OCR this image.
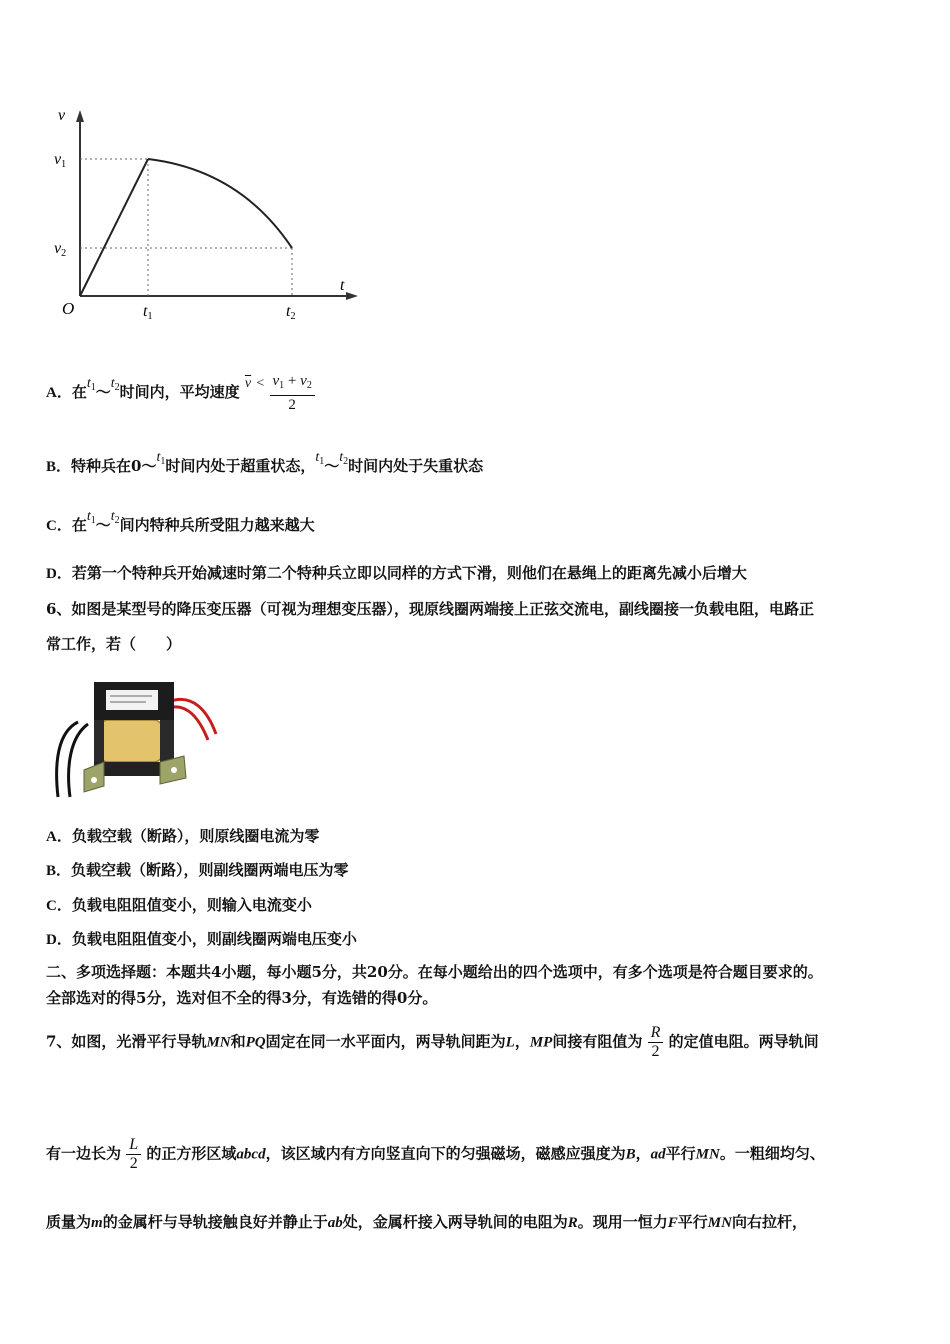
v
t
O
v1
v2
t1	t2
A．在$t_1\sim t_2$时间内，平均速度 $\overline{v} < \frac{v_1 + v_2}{2}$
B．特种兵在$0\sim t_1$时间内处于超重状态，$t_1\sim t_2$时间内处于失重状态
C．在$t_1\sim t_2$间内特种兵所受阻力越来越大
D．若第一个特种兵开始减速时第二个特种兵立即以同样的方式下滑，则他们在悬绳上的距离先减小后增大
6、如图是某型号的降压变压器（可视为理想变压器），现原线圈两端接上正弦交流电，副线圈接一负载电阻，电路正
常工作，若（　　）
A．负载空载（断路），则原线圈电流为零
B．负载空载（断路），则副线圈两端电压为零
C．负载电阻阻值变小，则输入电流变小
D．负载电阻阻值变小，则副线圈两端电压变小
二、多项选择题：本题共4小题，每小题5分，共20分。在每小题给出的四个选项中，有多个选项是符合题目要求的。
全部选对的得5分，选对但不全的得3分，有选错的得0分。
7、如图，光滑平行导轨MN和PQ固定在同一水平面内，两导轨间距为L，MP间接有阻值为 $\frac{R}{2}$ 的定值电阻。两导轨间
有一边长为 $\frac{L}{2}$ 的正方形区域abcd，该区域内有方向竖直向下的匀强磁场，磁感应强度为B，ad平行MN。一粗细均匀、
质量为m的金属杆与导轨接触良好并静止于ab处，金属杆接入两导轨间的电阻为R。现用一恒力F平行MN向右拉杆，
